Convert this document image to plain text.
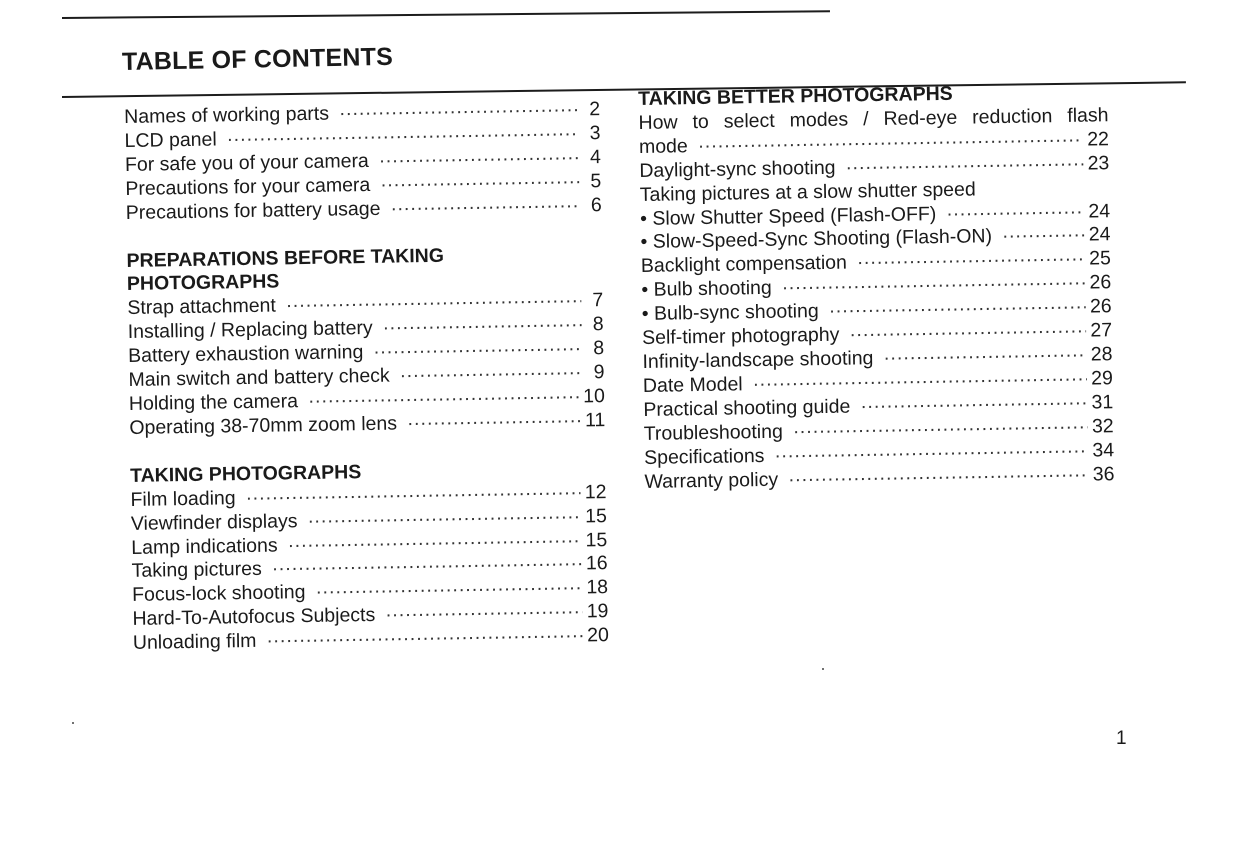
TABLE OF CONTENTS
Names of working parts ·····	2
LCD panel ·····	3
For safe you of your camera ·····	4
Precautions for your camera ·····	5
Precautions for battery usage ·····	6
PREPARATIONS BEFORE TAKING
PHOTOGRAPHS
Strap attachment ·····	7
Installing / Replacing battery ·····	8
Battery exhaustion warning ·····	8
Main switch and battery check ·····	9
Holding the camera ·····	10
Operating 38-70mm zoom lens ·····	11
TAKING PHOTOGRAPHS
Film loading ·····	12
Viewfinder displays ·····	15
Lamp indications ·····	15
Taking pictures ·····	16
Focus-lock shooting ·····	18
Hard-To-Autofocus Subjects ·····	19
Unloading film ·····	20
TAKING BETTER PHOTOGRAPHS
How to select modes / Red-eye reduction flash
mode ·····	22
Daylight-sync shooting ·····	23
Taking pictures at a slow shutter speed
• Slow Shutter Speed (Flash-OFF) ·····	24
• Slow-Speed-Sync Shooting (Flash-ON) ·····	24
Backlight compensation ·····	25
• Bulb shooting ·····	26
• Bulb-sync shooting ·····	26
Self-timer photography ·····	27
Infinity-landscape shooting ·····	28
Date Model ·····	29
Practical shooting guide ·····	31
Troubleshooting ·····	32
Specifications ·····	34
Warranty policy ·····	36
1
